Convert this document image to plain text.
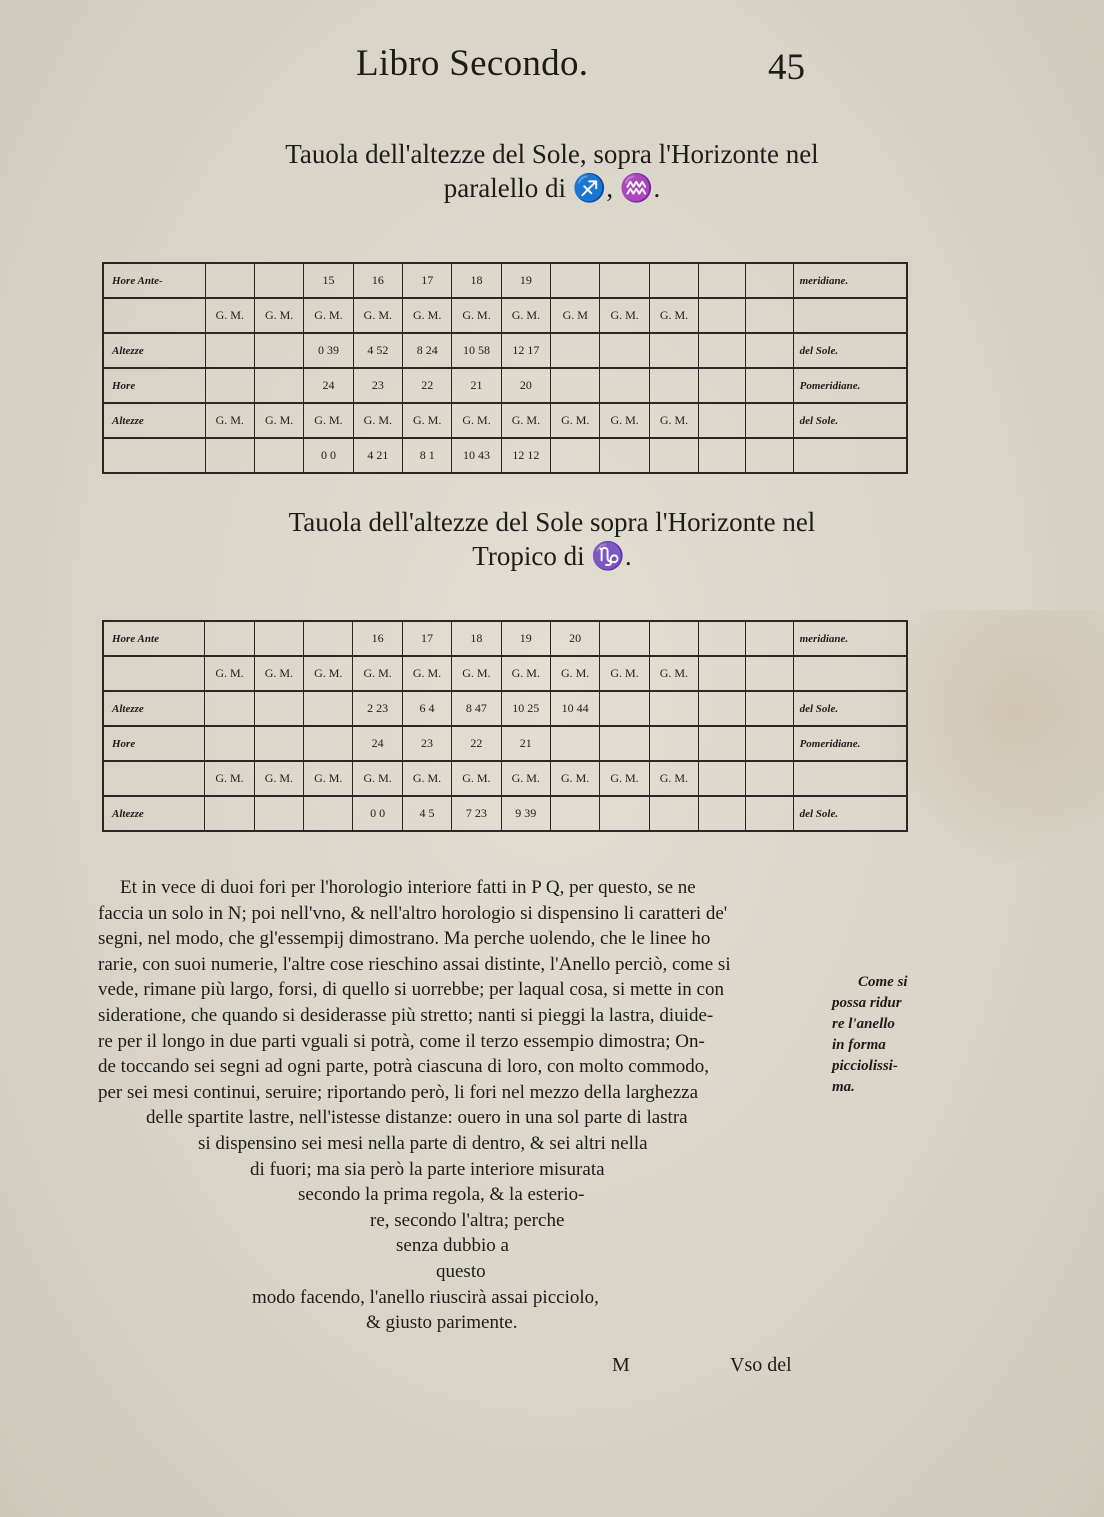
Libro Secondo.	45
Tauola dell'altezze del Sole, sopra l'Horizonte nel
paralello di ♐, ♒.
Hore Ante-			15	16	17	18	19						meridiane.
	G. M.	G. M.	G. M.	G. M.	G. M.	G. M.	G. M.	G. M	G. M.	G. M.			
Altezze			0 39	4 52	8 24	10 58	12 17						del Sole.
Hore			24	23	22	21	20						Pomeridiane.
Altezze	G. M.	G. M.	G. M.	G. M.	G. M.	G. M.	G. M.	G. M.	G. M.	G. M.			del Sole.
			0 0	4 21	8 1	10 43	12 12						
Tauola dell'altezze del Sole sopra l'Horizonte nel
Tropico di ♑.
Hore Ante				16	17	18	19	20					meridiane.
	G. M.	G. M.	G. M.	G. M.	G. M.	G. M.	G. M.	G. M.	G. M.	G. M.			
Altezze				2 23	6 4	8 47	10 25	10 44					del Sole.
Hore				24	23	22	21						Pomeridiane.
	G. M.	G. M.	G. M.	G. M.	G. M.	G. M.	G. M.	G. M.	G. M.	G. M.			
Altezze				0 0	4 5	7 23	9 39						del Sole.
Et in vece di duoi fori per l'horologio interiore fatti in P Q, per questo, se ne
faccia un solo in N; poi nell'vno, & nell'altro horologio si dispensino li caratteri de'
segni, nel modo, che gl'essempij dimostrano. Ma perche uolendo, che le linee ho
rarie, con suoi numerie, l'altre cose rieschino assai distinte, l'Anello perciò, come si
vede, rimane più largo, forsi, di quello si uorrebbe; per laqual cosa, si mette in con
sideratione, che quando si desiderasse più stretto; nanti si pieggi la lastra, diuide-
re per il longo in due parti vguali si potrà, come il terzo essempio dimostra; On-
de toccando sei segni ad ogni parte, potrà ciascuna di loro, con molto commodo,
per sei mesi continui, seruire; riportando però, li fori nel mezzo della larghezza
delle spartite lastre, nell'istesse distanze: ouero in una sol parte di lastra
si dispensino sei mesi nella parte di dentro, & sei altri nella
di fuori; ma sia però la parte interiore misurata
secondo la prima regola, & la esterio-
re, secondo l'altra; perche
senza dubbio a
questo
modo facendo, l'anello riuscirà assai picciolo,
& giusto parimente.
Come si
possa ridur
re l'anello
in forma
picciolissi-
ma.
M	Vso del
